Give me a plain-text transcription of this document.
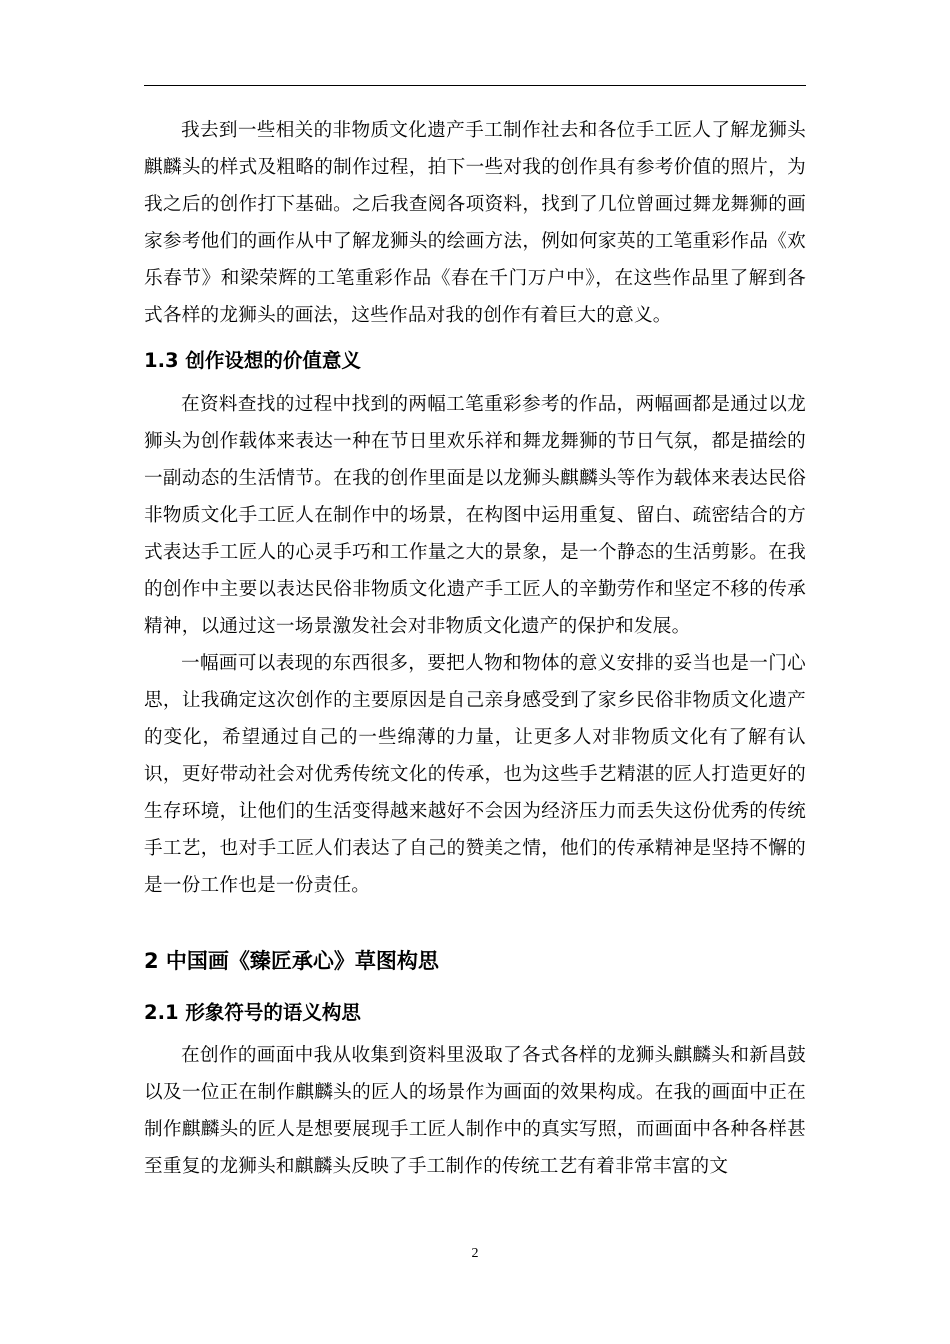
我去到一些相关的非物质文化遗产手工制作社去和各位手工匠人了解龙狮头麒麟头的样式及粗略的制作过程，拍下一些对我的创作具有参考价值的照片，为我之后的创作打下基础。之后我查阅各项资料，找到了几位曾画过舞龙舞狮的画家参考他们的画作从中了解龙狮头的绘画方法，例如何家英的工笔重彩作品《欢乐春节》和梁荣辉的工笔重彩作品《春在千门万户中》，在这些作品里了解到各式各样的龙狮头的画法，这些作品对我的创作有着巨大的意义。

1.3 创作设想的价值意义

在资料查找的过程中找到的两幅工笔重彩参考的作品，两幅画都是通过以龙狮头为创作载体来表达一种在节日里欢乐祥和舞龙舞狮的节日气氛，都是描绘的一副动态的生活情节。在我的创作里面是以龙狮头麒麟头等作为载体来表达民俗非物质文化手工匠人在制作中的场景，在构图中运用重复、留白、疏密结合的方式表达手工匠人的心灵手巧和工作量之大的景象，是一个静态的生活剪影。在我的创作中主要以表达民俗非物质文化遗产手工匠人的辛勤劳作和坚定不移的传承精神，以通过这一场景激发社会对非物质文化遗产的保护和发展。

一幅画可以表现的东西很多，要把人物和物体的意义安排的妥当也是一门心思，让我确定这次创作的主要原因是自己亲身感受到了家乡民俗非物质文化遗产的变化，希望通过自己的一些绵薄的力量，让更多人对非物质文化有了解有认识，更好带动社会对优秀传统文化的传承，也为这些手艺精湛的匠人打造更好的生存环境，让他们的生活变得越来越好不会因为经济压力而丢失这份优秀的传统手工艺，也对手工匠人们表达了自己的赞美之情，他们的传承精神是坚持不懈的是一份工作也是一份责任。

2 中国画《臻匠承心》草图构思
2.1 形象符号的语义构思

在创作的画面中我从收集到资料里汲取了各式各样的龙狮头麒麟头和新昌鼓以及一位正在制作麒麟头的匠人的场景作为画面的效果构成。在我的画面中正在制作麒麟头的匠人是想要展现手工匠人制作中的真实写照，而画面中各种各样甚至重复的龙狮头和麒麟头反映了手工制作的传统工艺有着非常丰富的文

2
